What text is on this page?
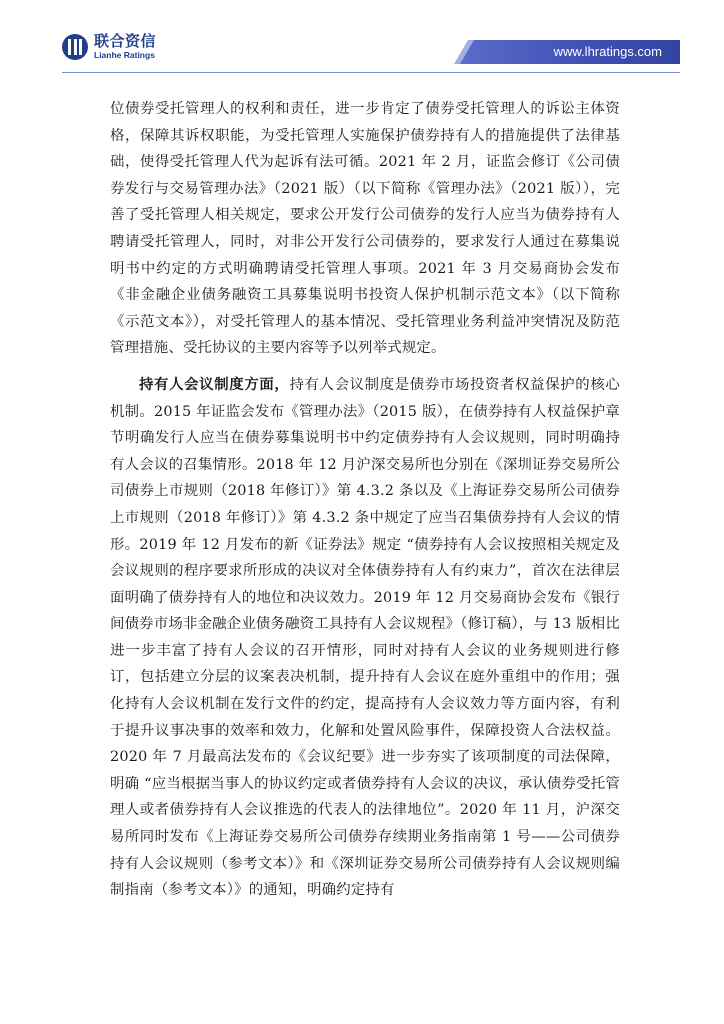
联合资信
Lianhe Ratings	www.lhratings.com

位债券受托管理人的权利和责任，进一步肯定了债券受托管理人的诉讼主体资格，保障其诉权职能，为受托管理人实施保护债券持有人的措施提供了法律基础，使得受托管理人代为起诉有法可循。2021 年 2 月，证监会修订《公司债券发行与交易管理办法》（2021 版）（以下简称《管理办法》（2021 版）），完善了受托管理人相关规定，要求公开发行公司债券的发行人应当为债券持有人聘请受托管理人，同时，对非公开发行公司债券的，要求发行人通过在募集说明书中约定的方式明确聘请受托管理人事项。2021 年 3 月交易商协会发布《非金融企业债务融资工具募集说明书投资人保护机制示范文本》（以下简称《示范文本》），对受托管理人的基本情况、受托管理业务利益冲突情况及防范管理措施、受托协议的主要内容等予以列举式规定。

持有人会议制度方面，持有人会议制度是债券市场投资者权益保护的核心机制。2015 年证监会发布《管理办法》（2015 版），在债券持有人权益保护章节明确发行人应当在债券募集说明书中约定债券持有人会议规则，同时明确持有人会议的召集情形。2018 年 12 月沪深交易所也分别在《深圳证券交易所公司债券上市规则（2018 年修订）》第 4.3.2 条以及《上海证券交易所公司债券上市规则（2018 年修订）》第 4.3.2 条中规定了应当召集债券持有人会议的情形。2019 年 12 月发布的新《证券法》规定 “债券持有人会议按照相关规定及会议规则的程序要求所形成的决议对全体债券持有人有约束力”，首次在法律层面明确了债券持有人的地位和决议效力。2019 年 12 月交易商协会发布《银行间债券市场非金融企业债务融资工具持有人会议规程》（修订稿），与 13 版相比进一步丰富了持有人会议的召开情形，同时对持有人会议的业务规则进行修订，包括建立分层的议案表决机制，提升持有人会议在庭外重组中的作用；强化持有人会议机制在发行文件的约定，提高持有人会议效力等方面内容，有利于提升议事决事的效率和效力，化解和处置风险事件，保障投资人合法权益。2020 年 7 月最高法发布的《会议纪要》进一步夯实了该项制度的司法保障，明确 “应当根据当事人的协议约定或者债券持有人会议的决议，承认债券受托管理人或者债券持有人会议推选的代表人的法律地位”。2020 年 11 月，沪深交易所同时发布《上海证券交易所公司债券存续期业务指南第 1 号——公司债券持有人会议规则（参考文本）》和《深圳证券交易所公司债券持有人会议规则编制指南（参考文本）》的通知，明确约定持有
